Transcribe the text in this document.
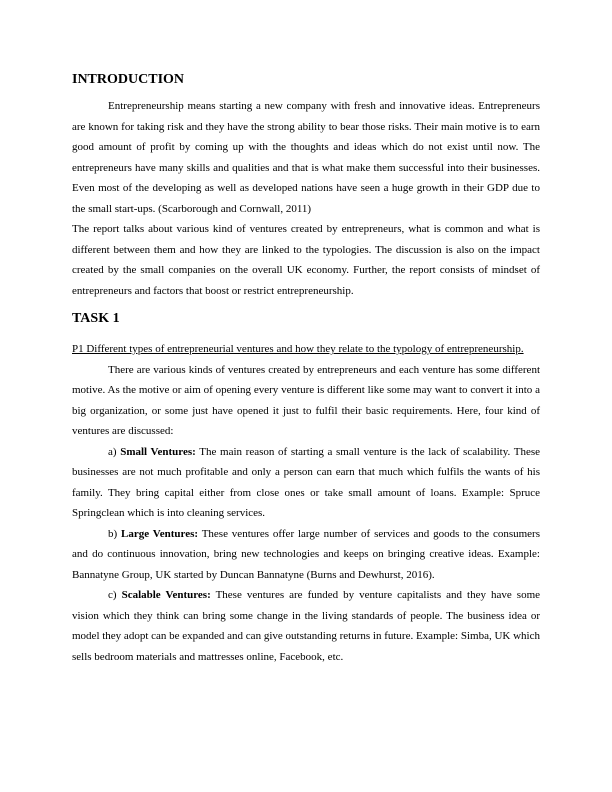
INTRODUCTION

Entrepreneurship means starting a new company with fresh and innovative ideas. Entrepreneurs are known for taking risk and they have the strong ability to bear those risks. Their main motive is to earn good amount of profit by coming up with the thoughts and ideas which do not exist until now. The entrepreneurs have many skills and qualities and that is what make them successful into their businesses. Even most of the developing as well as developed nations have seen a huge growth in their GDP due to the small start-ups. (Scarborough and Cornwall, 2011)

The report talks about various kind of ventures created by entrepreneurs, what is common and what is different between them and how they are linked to the typologies. The discussion is also on the impact created by the small companies on the overall UK economy. Further, the report consists of mindset of entrepreneurs and factors that boost or restrict entrepreneurship.

TASK 1

P1 Different types of entrepreneurial ventures and how they relate to the typology of entrepreneurship.

There are various kinds of ventures created by entrepreneurs and each venture has some different motive. As the motive or aim of opening every venture is different like some may want to convert it into a big organization, or some just have opened it just to fulfil their basic requirements. Here, four kind of ventures are discussed:

a) Small Ventures: The main reason of starting a small venture is the lack of scalability. These businesses are not much profitable and only a person can earn that much which fulfils the wants of his family. They bring capital either from close ones or take small amount of loans. Example: Spruce Springclean which is into cleaning services.

b) Large Ventures: These ventures offer large number of services and goods to the consumers and do continuous innovation, bring new technologies and keeps on bringing creative ideas. Example: Bannatyne Group, UK started by Duncan Bannatyne (Burns and Dewhurst, 2016).

c) Scalable Ventures: These ventures are funded by venture capitalists and they have some vision which they think can bring some change in the living standards of people. The business idea or model they adopt can be expanded and can give outstanding returns in future. Example: Simba, UK which sells bedroom materials and mattresses online, Facebook, etc.
